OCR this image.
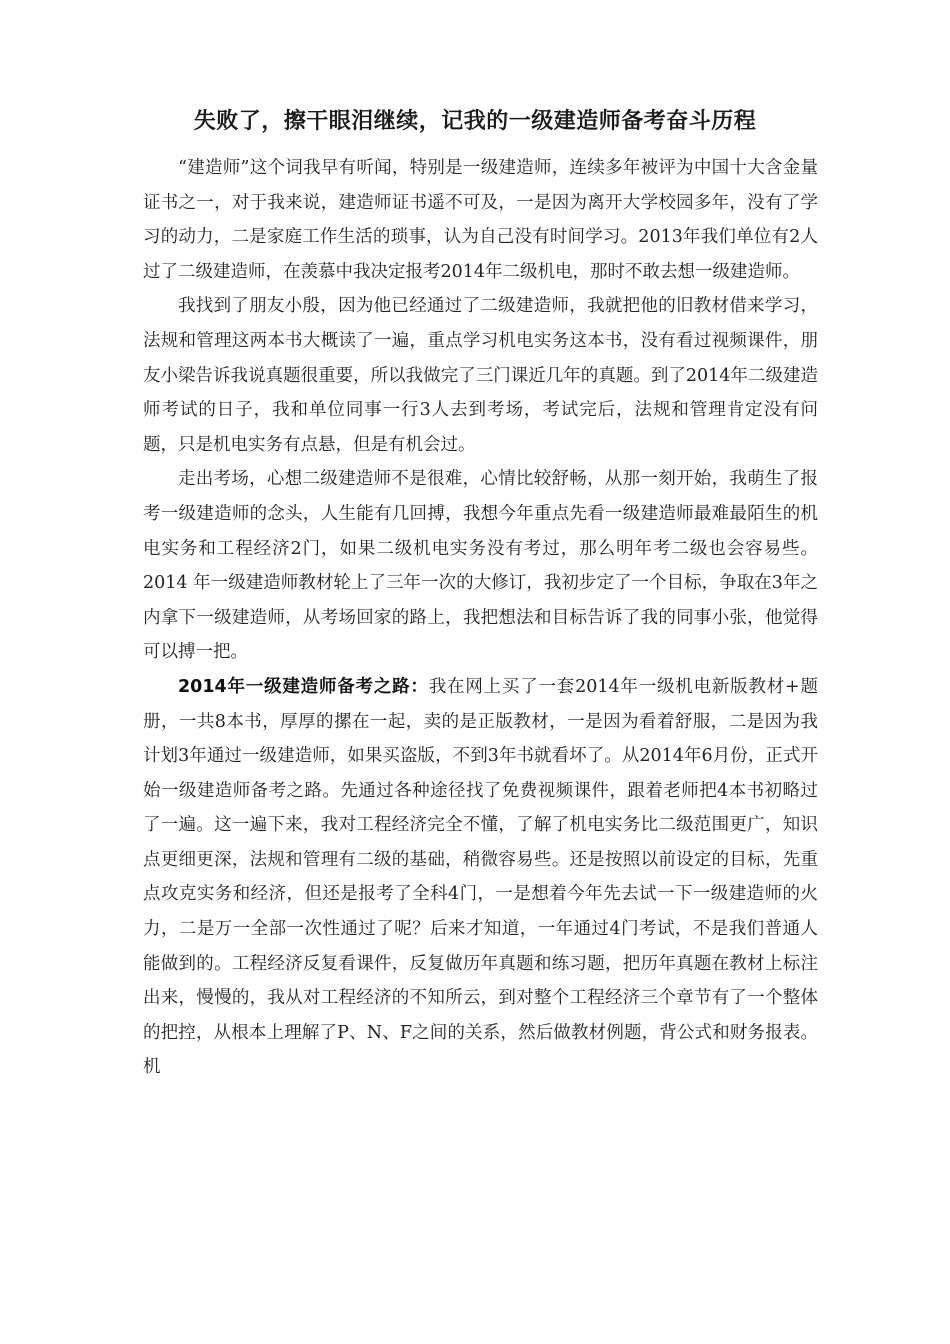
失败了，擦干眼泪继续，记我的一级建造师备考奋斗历程

“建造师”这个词我早有听闻，特别是一级建造师，连续多年被评为中国十大含金量证书之一，对于我来说，建造师证书遥不可及，一是因为离开大学校园多年，没有了学习的动力，二是家庭工作生活的琐事，认为自己没有时间学习。2013年我们单位有2人过了二级建造师，在羡慕中我决定报考2014年二级机电，那时不敢去想一级建造师。

我找到了朋友小殷，因为他已经通过了二级建造师，我就把他的旧教材借来学习，法规和管理这两本书大概读了一遍，重点学习机电实务这本书，没有看过视频课件，朋友小梁告诉我说真题很重要，所以我做完了三门课近几年的真题。到了2014年二级建造师考试的日子，我和单位同事一行3人去到考场，考试完后，法规和管理肯定没有问题，只是机电实务有点悬，但是有机会过。

走出考场，心想二级建造师不是很难，心情比较舒畅，从那一刻开始，我萌生了报考一级建造师的念头，人生能有几回搏，我想今年重点先看一级建造师最难最陌生的机电实务和工程经济2门，如果二级机电实务没有考过，那么明年考二级也会容易些。2014 年一级建造师教材轮上了三年一次的大修订，我初步定了一个目标，争取在3年之内拿下一级建造师，从考场回家的路上，我把想法和目标告诉了我的同事小张，他觉得可以搏一把。

2014年一级建造师备考之路：我在网上买了一套2014年一级机电新版教材+题册，一共8本书，厚厚的摞在一起，卖的是正版教材，一是因为看着舒服，二是因为我计划3年通过一级建造师，如果买盗版，不到3年书就看坏了。从2014年6月份，正式开始一级建造师备考之路。先通过各种途径找了免费视频课件，跟着老师把4本书初略过了一遍。这一遍下来，我对工程经济完全不懂，了解了机电实务比二级范围更广，知识点更细更深，法规和管理有二级的基础，稍微容易些。还是按照以前设定的目标，先重点攻克实务和经济，但还是报考了全科4门，一是想着今年先去试一下一级建造师的火力，二是万一全部一次性通过了呢？后来才知道，一年通过4门考试，不是我们普通人能做到的。工程经济反复看课件，反复做历年真题和练习题，把历年真题在教材上标注出来，慢慢的，我从对工程经济的不知所云，到对整个工程经济三个章节有了一个整体的把控，从根本上理解了P、N、F之间的关系，然后做教材例题，背公式和财务报表。机
